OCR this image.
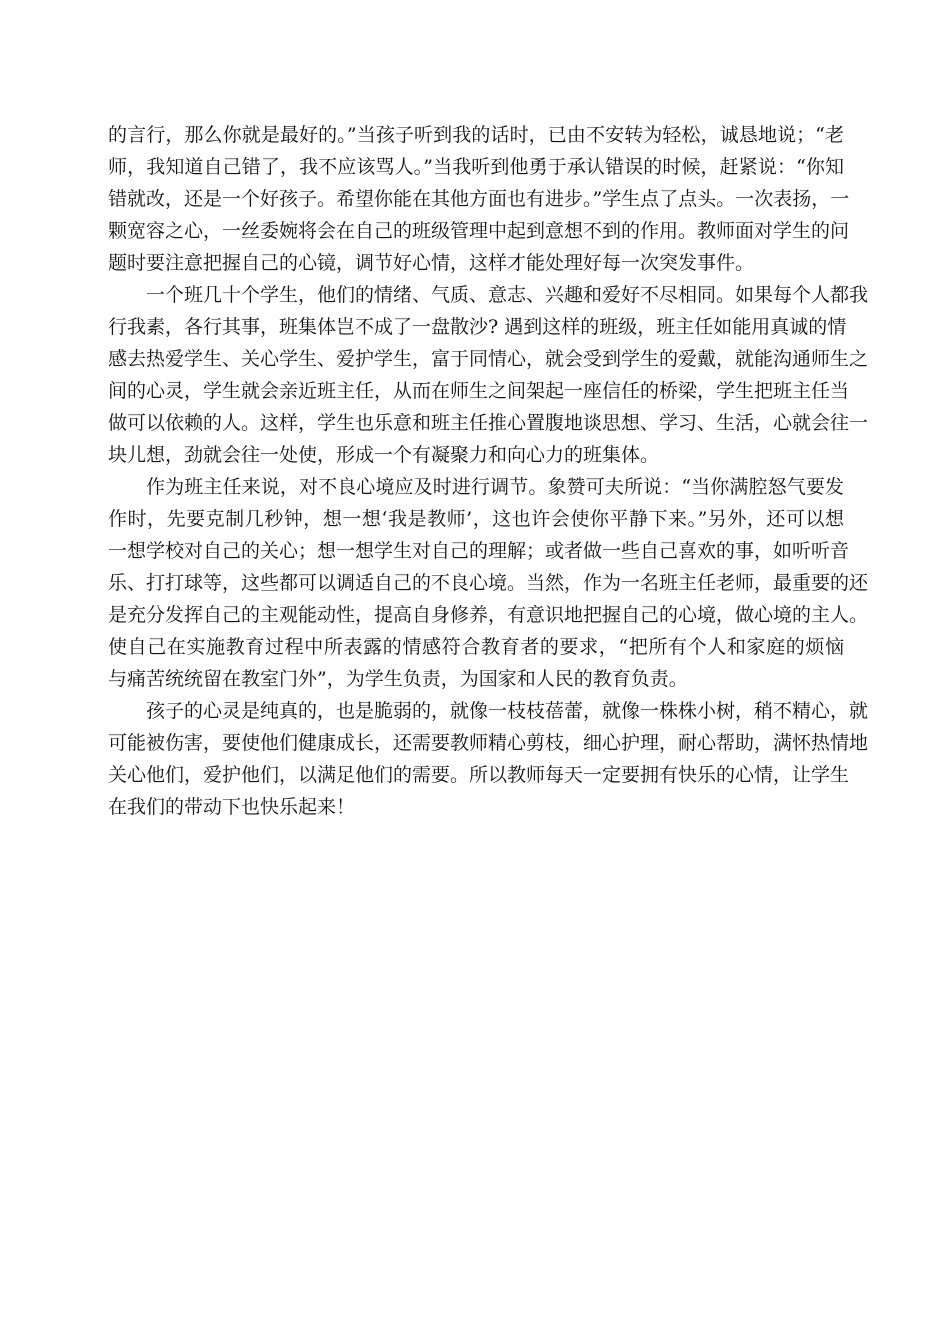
的言行，那么你就是最好的。”当孩子听到我的话时，已由不安转为轻松，诚恳地说；“老
师，我知道自己错了，我不应该骂人。”当我听到他勇于承认错误的时候，赶紧说：“你知
错就改，还是一个好孩子。希望你能在其他方面也有进步。”学生点了点头。一次表扬，一
颗宽容之心，一丝委婉将会在自己的班级管理中起到意想不到的作用。教师面对学生的问
题时要注意把握自己的心镜，调节好心情，这样才能处理好每一次突发事件。
一个班几十个学生，他们的情绪、气质、意志、兴趣和爱好不尽相同。如果每个人都我
行我素，各行其事，班集体岂不成了一盘散沙? 遇到这样的班级，班主任如能用真诚的情
感去热爱学生、关心学生、爱护学生，富于同情心，就会受到学生的爱戴，就能沟通师生之
间的心灵，学生就会亲近班主任，从而在师生之间架起一座信任的桥梁，学生把班主任当
做可以依赖的人。这样，学生也乐意和班主任推心置腹地谈思想、学习、生活，心就会往一
块儿想，劲就会往一处使，形成一个有凝聚力和向心力的班集体。
作为班主任来说，对不良心境应及时进行调节。象赞可夫所说：“当你满腔怒气要发
作时，先要克制几秒钟，想一想‘我是教师’，这也许会使你平静下来。”另外，还可以想
一想学校对自己的关心；想一想学生对自己的理解；或者做一些自己喜欢的事，如听听音
乐、打打球等，这些都可以调适自己的不良心境。当然，作为一名班主任老师，最重要的还
是充分发挥自己的主观能动性，提高自身修养，有意识地把握自己的心境，做心境的主人。
使自己在实施教育过程中所表露的情感符合教育者的要求，“把所有个人和家庭的烦恼
与痛苦统统留在教室门外”，为学生负责，为国家和人民的教育负责。
孩子的心灵是纯真的，也是脆弱的，就像一枝枝蓓蕾，就像一株株小树，稍不精心，就
可能被伤害，要使他们健康成长，还需要教师精心剪枝，细心护理，耐心帮助，满怀热情地
关心他们，爱护他们，以满足他们的需要。所以教师每天一定要拥有快乐的心情，让学生
在我们的带动下也快乐起来！
